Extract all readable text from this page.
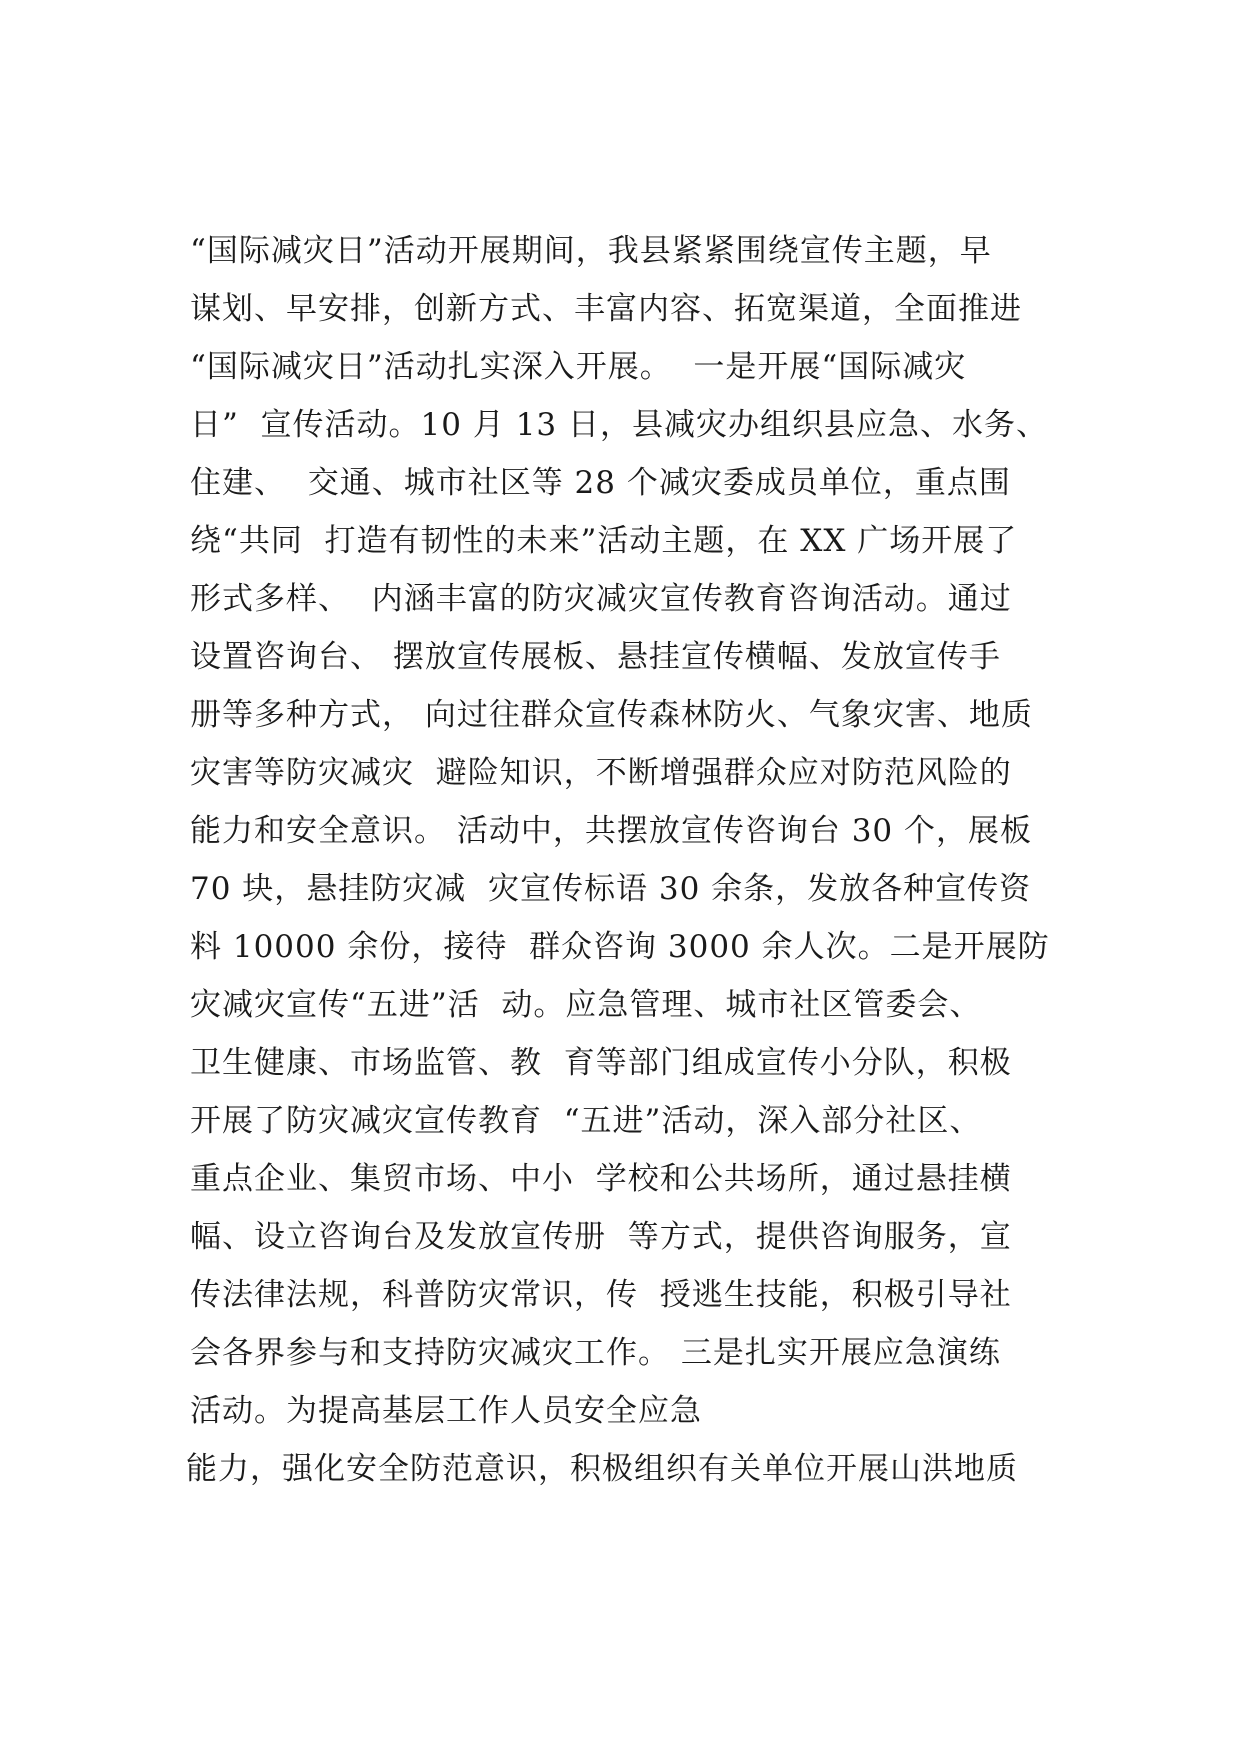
“国际减灾日”活动开展期间，我县紧紧围绕宣传主题，早
谋划、早安排，创新方式、丰富内容、拓宽渠道，全面推进
“国际减灾日”活动扎实深入开展。  一是开展“国际减灾
日”  宣传活动。10 月 13 日，县减灾办组织县应急、水务、
住建、  交通、城市社区等 28 个减灾委成员单位，重点围
绕“共同  打造有韧性的未来”活动主题，在 XX 广场开展了
形式多样、  内涵丰富的防灾减灾宣传教育咨询活动。通过
设置咨询台、 摆放宣传展板、悬挂宣传横幅、发放宣传手
册等多种方式， 向过往群众宣传森林防火、气象灾害、地质
灾害等防灾减灾  避险知识，不断增强群众应对防范风险的
能力和安全意识。 活动中，共摆放宣传咨询台 30 个，展板
70 块，悬挂防灾减  灾宣传标语 30 余条，发放各种宣传资
料 10000 余份，接待  群众咨询 3000 余人次。二是开展防
灾减灾宣传“五进”活  动。应急管理、城市社区管委会、
卫生健康、市场监管、教  育等部门组成宣传小分队，积极
开展了防灾减灾宣传教育  “五进”活动，深入部分社区、
重点企业、集贸市场、中小  学校和公共场所，通过悬挂横
幅、设立咨询台及发放宣传册  等方式，提供咨询服务，宣
传法律法规，科普防灾常识，传  授逃生技能，积极引导社
会各界参与和支持防灾减灾工作。 三是扎实开展应急演练
活动。为提高基层工作人员安全应急
能力，强化安全防范意识，积极组织有关单位开展山洪地质
